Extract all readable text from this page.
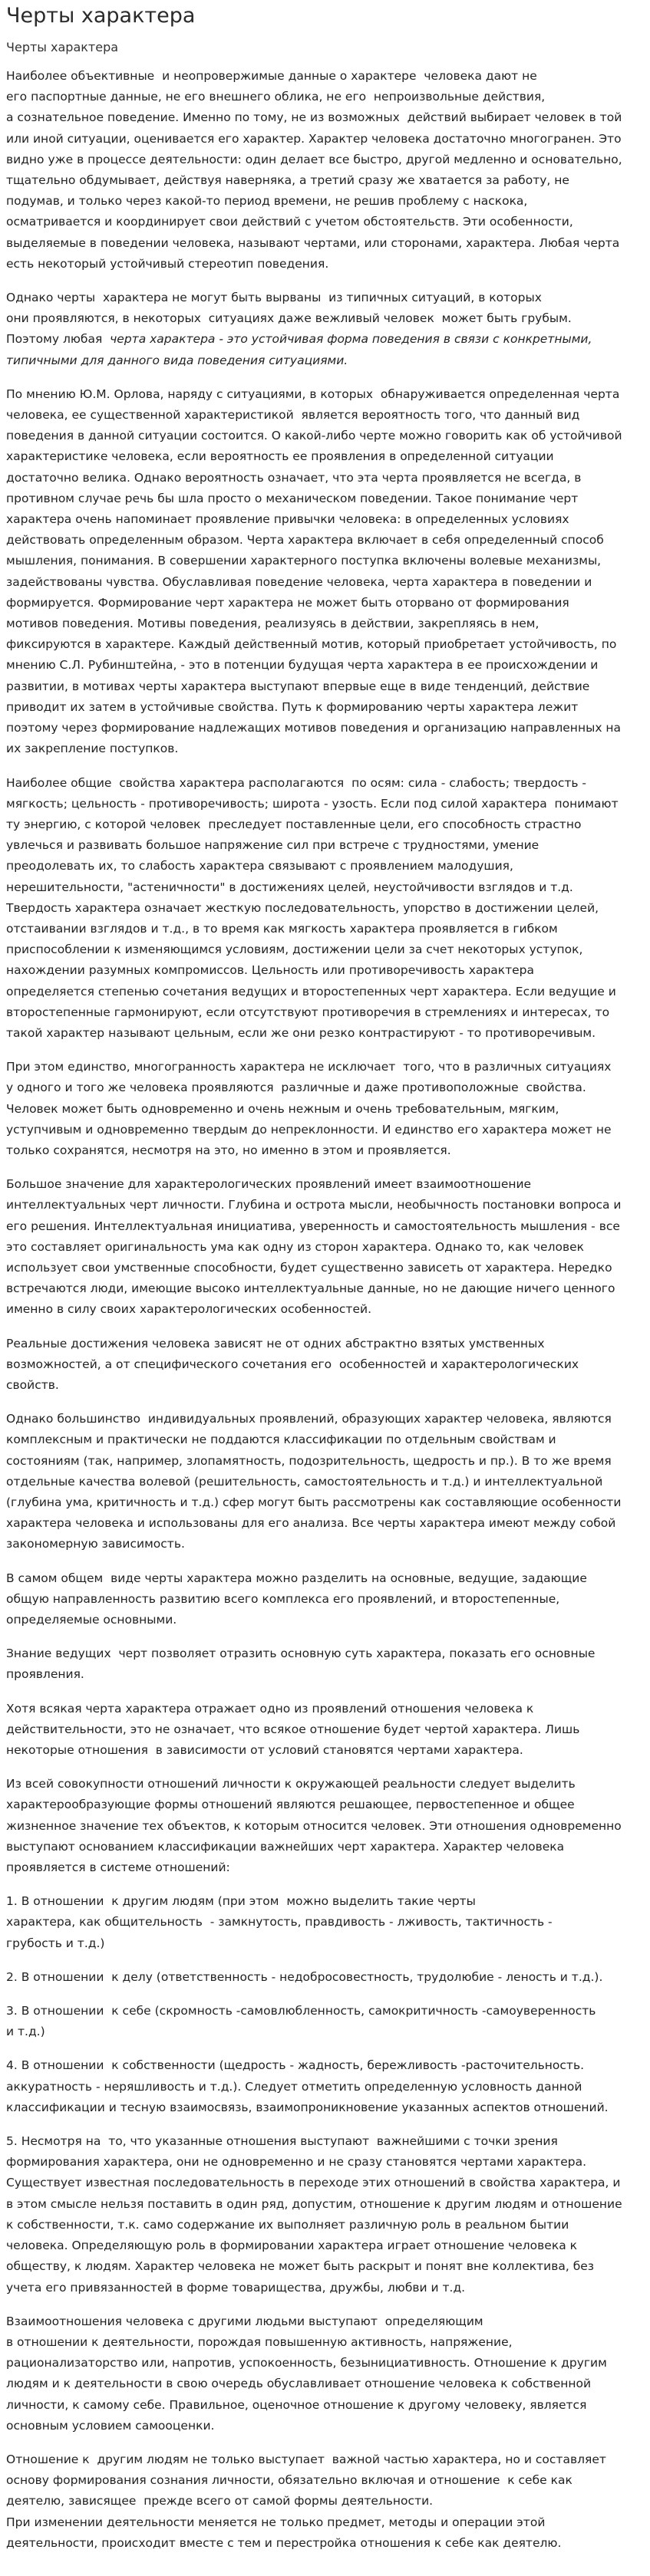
Черты характера
Черты характера

Наиболее объективные  и неопровержимые данные о характере  человека дают не
его паспортные данные, не его внешнего облика, не его  непроизвольные действия,
а сознательное поведение. Именно по тому, не из возможных  действий выбирает человек в той
или иной ситуации, оценивается его характер. Характер человека достаточно многогранен. Это
видно уже в процессе деятельности: один делает все быстро, другой медленно и основательно,
тщательно обдумывает, действуя наверняка, а третий сразу же хватается за работу, не
подумав, и только через какой-то период времени, не решив проблему с наскока,
осматривается и координирует свои действий с учетом обстоятельств. Эти особенности,
выделяемые в поведении человека, называют чертами, или сторонами, характера. Любая черта
есть некоторый устойчивый стереотип поведения.

Однако черты  характера не могут быть вырваны  из типичных ситуаций, в которых
они проявляются, в некоторых  ситуациях даже вежливый человек  может быть грубым.
Поэтому любая  черта характера - это устойчивая форма поведения в связи с конкретными,
типичными для данного вида поведения ситуациями.

По мнению Ю.М. Орлова, наряду с ситуациями, в которых  обнаруживается определенная черта
человека, ее существенной характеристикой  является вероятность того, что данный вид
поведения в данной ситуации состоится. О какой-либо черте можно говорить как об устойчивой
характеристике человека, если вероятность ее проявления в определенной ситуации
достаточно велика. Однако вероятность означает, что эта черта проявляется не всегда, в
противном случае речь бы шла просто о механическом поведении. Такое понимание черт
характера очень напоминает проявление привычки человека: в определенных условиях
действовать определенным образом. Черта характера включает в себя определенный способ
мышления, понимания. В совершении характерного поступка включены волевые механизмы,
задействованы чувства. Обуславливая поведение человека, черта характера в поведении и
формируется. Формирование черт характера не может быть оторвано от формирования
мотивов поведения. Мотивы поведения, реализуясь в действии, закрепляясь в нем,
фиксируются в характере. Каждый действенный мотив, который приобретает устойчивость, по
мнению С.Л. Рубинштейна, - это в потенции будущая черта характера в ее происхождении и
развитии, в мотивах черты характера выступают впервые еще в виде тенденций, действие
приводит их затем в устойчивые свойства. Путь к формированию черты характера лежит
поэтому через формирование надлежащих мотивов поведения и организацию направленных на
их закрепление поступков.

Наиболее общие  свойства характера располагаются  по осям: сила - слабость; твердость -
мягкость; цельность - противоречивость; широта - узость. Если под силой характера  понимают
ту энергию, с которой человек  преследует поставленные цели, его способность страстно
увлечься и развивать большое напряжение сил при встрече с трудностями, умение
преодолевать их, то слабость характера связывают с проявлением малодушия,
нерешительности, "астеничности" в достижениях целей, неустойчивости взглядов и т.д.
Твердость характера означает жесткую последовательность, упорство в достижении целей,
отстаивании взглядов и т.д., в то время как мягкость характера проявляется в гибком
приспособлении к изменяющимся условиям, достижении цели за счет некоторых уступок,
нахождении разумных компромиссов. Цельность или противоречивость характера
определяется степенью сочетания ведущих и второстепенных черт характера. Если ведущие и
второстепенные гармонируют, если отсутствуют противоречия в стремлениях и интересах, то
такой характер называют цельным, если же они резко контрастируют - то противоречивым.

При этом единство, многогранность характера не исключает  того, что в различных ситуациях
у одного и того же человека проявляются  различные и даже противоположные  свойства.
Человек может быть одновременно и очень нежным и очень требовательным, мягким,
уступчивым и одновременно твердым до непреклонности. И единство его характера может не
только сохранятся, несмотря на это, но именно в этом и проявляется.

Большое значение для характерологических проявлений имеет взаимоотношение
интеллектуальных черт личности. Глубина и острота мысли, необычность постановки вопроса и
его решения. Интеллектуальная инициатива, уверенность и самостоятельность мышления - все
это составляет оригинальность ума как одну из сторон характера. Однако то, как человек
использует свои умственные способности, будет существенно зависеть от характера. Нередко
встречаются люди, имеющие высоко интеллектуальные данные, но не дающие ничего ценного
именно в силу своих характерологических особенностей.

Реальные достижения человека зависят не от одних абстрактно взятых умственных
возможностей, а от специфического сочетания его  особенностей и характерологических
свойств.

Однако большинство  индивидуальных проявлений, образующих характер человека, являются
комплексным и практически не поддаются классификации по отдельным свойствам и
состояниям (так, например, злопамятность, подозрительность, щедрость и пр.). В то же время
отдельные качества волевой (решительность, самостоятельность и т.д.) и интеллектуальной
(глубина ума, критичность и т.д.) сфер могут быть рассмотрены как составляющие особенности
характера человека и использованы для его анализа. Все черты характера имеют между собой
закономерную зависимость.

В самом общем  виде черты характера можно разделить на основные, ведущие, задающие
общую направленность развитию всего комплекса его проявлений, и второстепенные,
определяемые основными.

Знание ведущих  черт позволяет отразить основную суть характера, показать его основные
проявления.

Хотя всякая черта характера отражает одно из проявлений отношения человека к
действительности, это не означает, что всякое отношение будет чертой характера. Лишь
некоторые отношения  в зависимости от условий становятся чертами характера.

Из всей совокупности отношений личности к окружающей реальности следует выделить
характерообразующие формы отношений являются решающее, первостепенное и общее
жизненное значение тех объектов, к которым относится человек. Эти отношения одновременно
выступают основанием классификации важнейших черт характера. Характер человека
проявляется в системе отношений:

1. В отношении  к другим людям (при этом  можно выделить такие черты
характера, как общительность  - замкнутость, правдивость - лживость, тактичность -
грубость и т.д.)

2. В отношении  к делу (ответственность - недобросовестность, трудолюбие - леность и т.д.).

3. В отношении  к себе (скромность -самовлюбленность, самокритичность -самоуверенность
и т.д.)

4. В отношении  к собственности (щедрость - жадность, бережливость -расточительность.
аккуратность - неряшливость и т.д.). Следует отметить определенную условность данной
классификации и тесную взаимосвязь, взаимопроникновение указанных аспектов отношений.

5. Несмотря на  то, что указанные отношения выступают  важнейшими с точки зрения
формирования характера, они не одновременно и не сразу становятся чертами характера.
Существует известная последовательность в переходе этих отношений в свойства характера, и
в этом смысле нельзя поставить в один ряд, допустим, отношение к другим людям и отношение
к собственности, т.к. само содержание их выполняет различную роль в реальном бытии
человека. Определяющую роль в формировании характера играет отношение человека к
обществу, к людям. Характер человека не может быть раскрыт и понят вне коллектива, без
учета его привязанностей в форме товарищества, дружбы, любви и т.д.

Взаимоотношения человека с другими людьми выступают  определяющим
в отношении к деятельности, порождая повышенную активность, напряжение,
рационализаторство или, напротив, успокоенность, безынициативность. Отношение к другим
людям и к деятельности в свою очередь обуславливает отношение человека к собственной
личности, к самому себе. Правильное, оценочное отношение к другому человеку, является
основным условием самооценки.

Отношение к  другим людям не только выступает  важной частью характера, но и составляет
основу формирования сознания личности, обязательно включая и отношение  к себе как
деятелю, зависящее  прежде всего от самой формы деятельности.
При изменении деятельности меняется не только предмет, методы и операции этой
деятельности, происходит вместе с тем и перестройка отношения к себе как деятелю.
